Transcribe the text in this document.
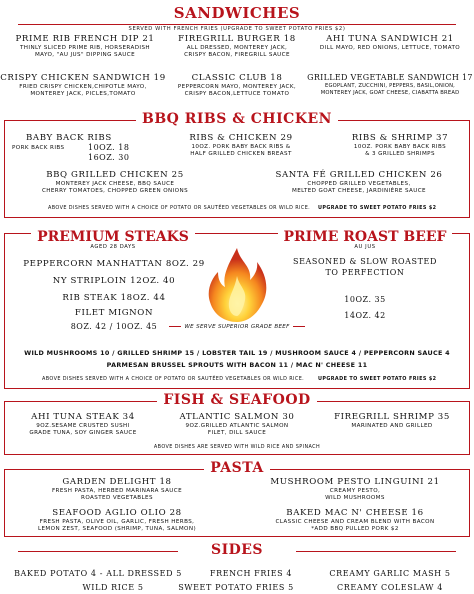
SANDWICHES
SERVED WITH FRENCH FRIES (UPGRADE TO SWEET POTATO FRIES $2)
PRIME RIB FRENCH DIP 21
THINLY SLICED PRIME RIB, HORSERADISH
MAYO, "AU JUS" DIPPING SAUCE
FIREGRILL BURGER 18
ALL DRESSED, MONTEREY JACK,
CRISPY BACON, FIREGRILL SAUCE
AHI TUNA SANDWICH 21
DILL MAYO, RED ONIONS, LETTUCE, TOMATO
CRISPY CHICKEN SANDWICH 19
FRIED CRISPY CHICKEN,CHIPOTLE MAYO,
MONTEREY JACK, PICLES,TOMATO
CLASSIC CLUB 18
PEPPERCORN MAYO, MONTEREY JACK,
CRISPY BACON,LETTUCE TOMATO
GRILLED VEGETABLE SANDWICH 17
EGOPLANT, ZUCCHINI, PEPPERS, BASIL,ONION,
MONTEREY JACK, GOAT CHEESE, CIABATTA BREAD
BBQ RIBS & CHICKEN
BABY BACK RIBS
PORK BACK RIBS	10OZ. 18
16OZ. 30
RIBS & CHICKEN 29
10OZ. PORK BABY BACK RIBS &
HALF GRILLED CHICKEN BREAST
RIBS & SHRIMP 37
10OZ. PORK BABY BACK RIBS
& 3 GRILLED SHRIMPS
BBQ GRILLED CHICKEN 25
MONTEREY JACK CHEESE, BBQ SAUCE
CHERRY TOMATOES, CHOPPED GREEN ONIONS
SANTA FÉ GRILLED CHICKEN 26
CHOPPED GRILLED VEGETABLES,
MELTED GOAT CHEESE, JARDINIÈRE SAUCE
ABOVE DISHES SERVED WITH A CHOICE OF POTATO OR SAUTÉED VEGETABLES OR WILD RICE. UPGRADE TO SWEET POTATO FRIES $2
PREMIUM STEAKS
AGED 28 DAYS
PEPPERCORN MANHATTAN 8OZ. 29
NY STRIPLOIN 12OZ. 40
RIB STEAK 18OZ. 44
FILET MIGNON
8OZ. 42 / 10OZ. 45	WE SERVE SUPERIOR GRADE BEEF
PRIME ROAST BEEF
AU JUS
SEASONED & SLOW ROASTED
TO PERFECTION
10OZ. 35
14OZ. 42
WILD MUSHROOMS 10 / GRILLED SHRIMP 15 / LOBSTER TAIL 19 / MUSHROOM SAUCE 4 / PEPPERCORN SAUCE 4
PARMESAN BRUSSEL SPROUTS WITH BACON 11 / MAC N' CHEESE 11
ABOVE DISHES SERVED WITH A CHOICE OF POTATO OR SAUTÉED VEGETABLES OR WILD RICE.	UPGRADE TO SWEET POTATO FRIES $2
FISH & SEAFOOD
AHI TUNA STEAK 34
9OZ.SESAME CRUSTED SUSHI
GRADE TUNA, SOY GINGER SAUCE
ATLANTIC SALMON 30
9OZ.GRILLED ATLANTIC SALMON
FILET, DILL SAUCE
FIREGRILL SHRIMP 35
MARINATED AND GRILLED
ABOVE DISHES ARE SERVED WITH WILD RICE AND SPINACH
PASTA
GARDEN DELIGHT 18
FRESH PASTA, HERBED MARINARA SAUCE
ROASTED VEGETABLES
MUSHROOM PESTO LINGUINI 21
CREAMY PESTO,
WILD MUSHROOMS
SEAFOOD AGLIO OLIO 28
FRESH PASTA, OLIVE OIL, GARLIC, FRESH HERBS,
LEMON ZEST, SEAFOOD (SHRIMP, TUNA, SALMON)
BAKED MAC N' CHEESE 16
CLASSIC CHEESE AND CREAM BLEND WITH BACON
*ADD BBQ PULLED PORK $2
SIDES
BAKED POTATO 4 - ALL DRESSED 5	FRENCH FRIES 4	CREAMY GARLIC MASH 5
WILD RICE 5	SWEET POTATO FRIES 5	CREAMY COLESLAW 4
